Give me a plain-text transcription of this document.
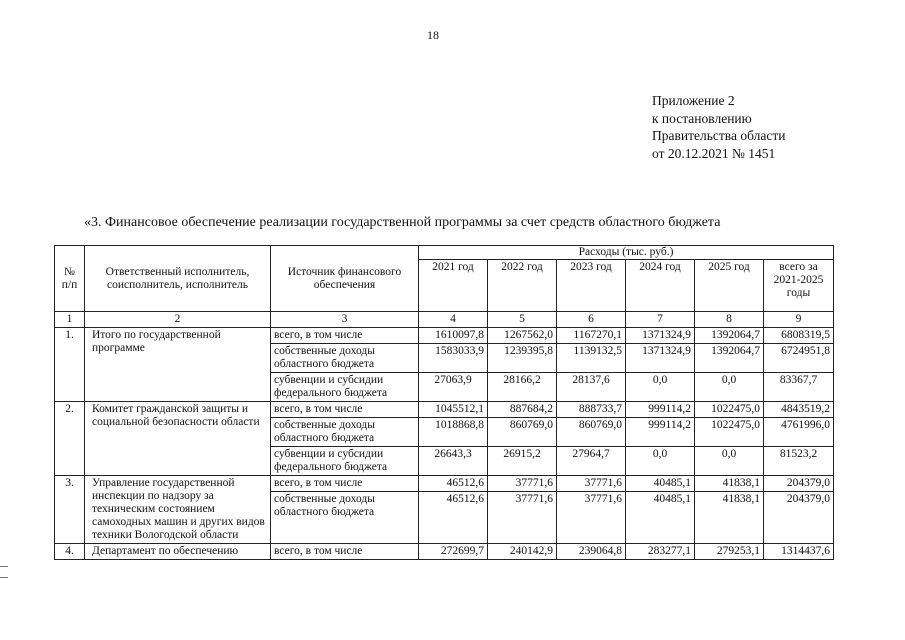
18
Приложение 2
к постановлению
Правительства области
от 20.12.2021 № 1451
«3. Финансовое обеспечение реализации государственной программы за счет средств областного бюджета
№ п/п	Ответственный исполнитель, соисполнитель, исполнитель	Источник финансового обеспечения	Расходы (тыс. руб.)					
			2021 год	2022 год	2023 год	2024 год	2025 год	всего за 2021-2025 годы
1	2	3	4	5	6	7	8	9
1.	Итого по государственной программе	всего, в том числе	1610097,8	1267562,0	1167270,1	1371324,9	1392064,7	6808319,5
		собственные доходы областного бюджета	1583033,9	1239395,8	1139132,5	1371324,9	1392064,7	6724951,8
		субвенции и субсидии федерального бюджета	27063,9	28166,2	28137,6	0,0	0,0	83367,7
2.	Комитет гражданской защиты и социальной безопасности области	всего, в том числе	1045512,1	887684,2	888733,7	999114,2	1022475,0	4843519,2
		собственные доходы областного бюджета	1018868,8	860769,0	860769,0	999114,2	1022475,0	4761996,0
		субвенции и субсидии федерального бюджета	26643,3	26915,2	27964,7	0,0	0,0	81523,2
3.	Управление государственной инспекции по надзору за техническим состоянием самоходных машин и других видов техники Вологодской области	всего, в том числе	46512,6	37771,6	37771,6	40485,1	41838,1	204379,0
		собственные доходы областного бюджета	46512,6	37771,6	37771,6	40485,1	41838,1	204379,0
4.	Департамент по обеспечению	всего, в том числе	272699,7	240142,9	239064,8	283277,1	279253,1	1314437,6
